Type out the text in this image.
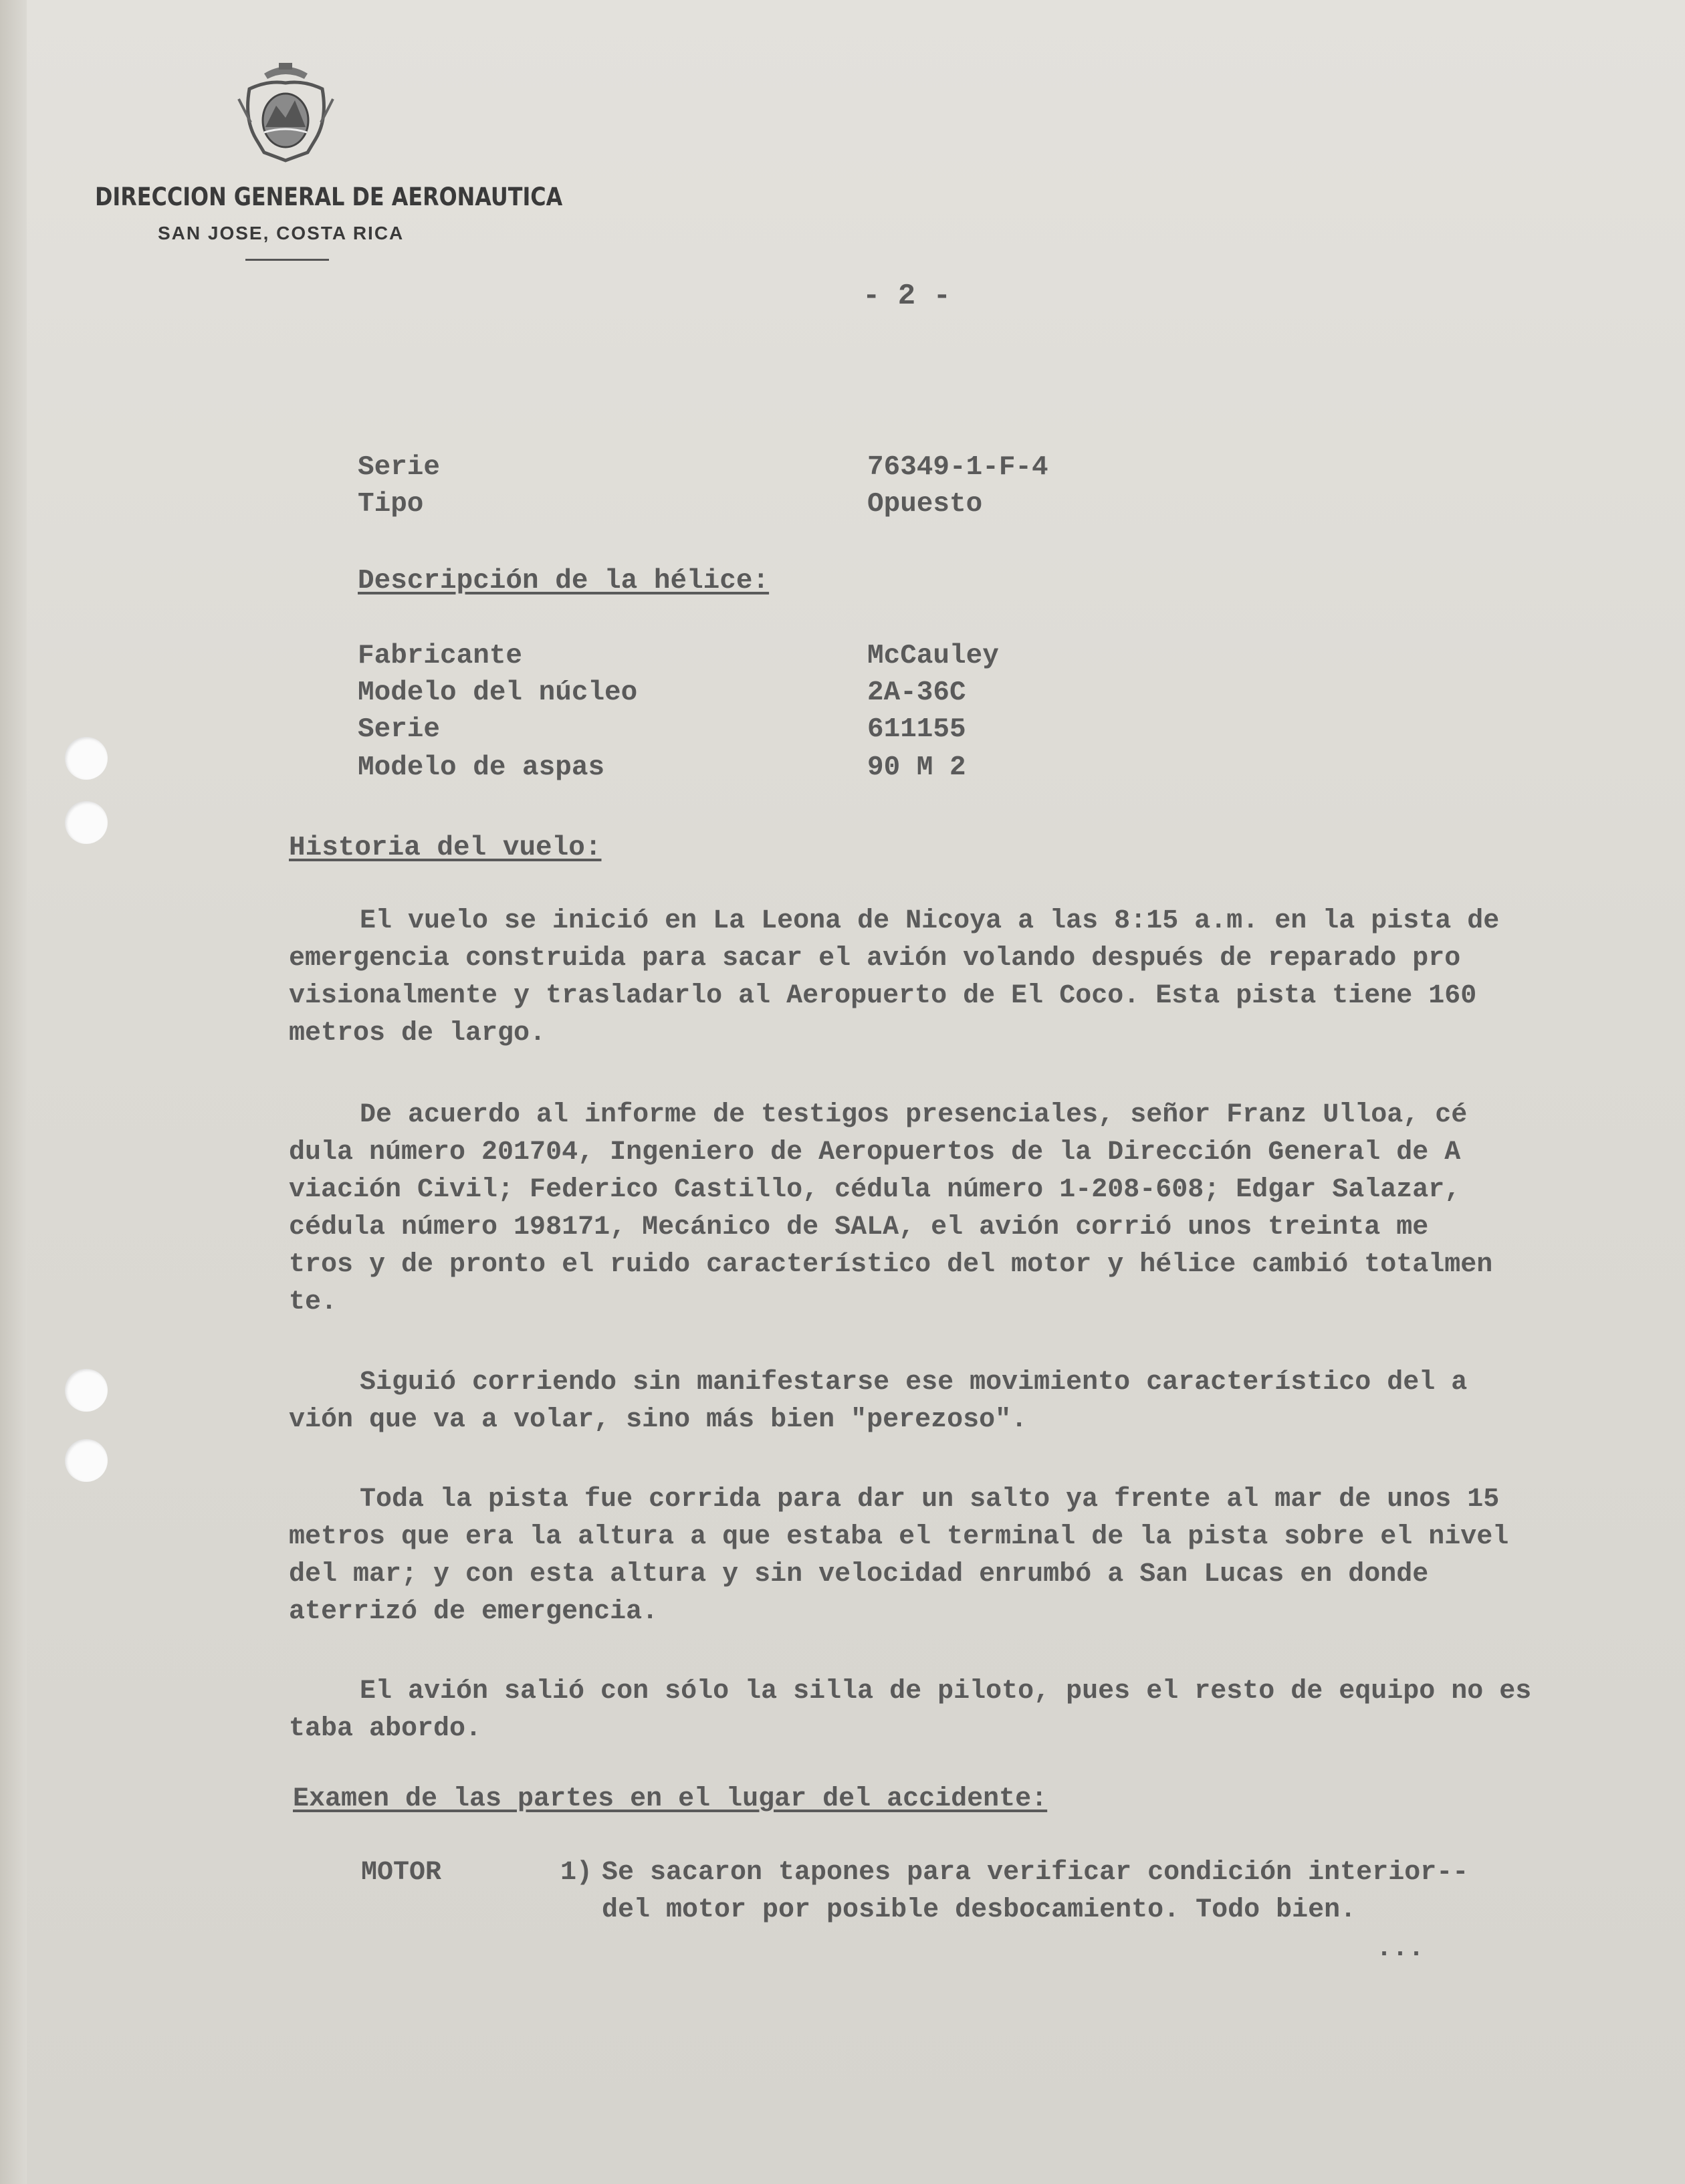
DIRECCION GENERAL DE AERONAUTICA
SAN JOSE, COSTA RICA
- 2 -
Serie	76349-1-F-4
Tipo	Opuesto
Descripción de la hélice:
Fabricante	McCauley
Modelo del núcleo	2A-36C
Serie	611155
Modelo de aspas	90 M 2
Historia del vuelo:
El vuelo se inició en La Leona de Nicoya a las 8:15 a.m. en la pista de
emergencia construida para sacar el avión volando después de reparado pro
visionalmente y trasladarlo al Aeropuerto de El Coco. Esta pista tiene 160
metros de largo.
De acuerdo al informe de testigos presenciales, señor Franz Ulloa, cé
dula número 201704, Ingeniero de Aeropuertos de la Dirección General de A
viación Civil; Federico Castillo, cédula número 1-208-608; Edgar Salazar,
cédula número 198171, Mecánico de SALA, el avión corrió unos treinta me
tros y de pronto el ruido característico del motor y hélice cambió totalmen
te.
Siguió corriendo sin manifestarse ese movimiento característico del a
vión que va a volar, sino más bien "perezoso".
Toda la pista fue corrida para dar un salto ya frente al mar de unos 15
metros que era la altura a que estaba el terminal de la pista sobre el nivel
del mar; y con esta altura y sin velocidad enrumbó a San Lucas en donde
aterrizó de emergencia.
El avión salió con sólo la silla de piloto, pues el resto de equipo no es
taba abordo.
Examen de las partes en el lugar del accidente:
MOTOR	1) Se sacaron tapones para verificar condición interior--
del motor por posible desbocamiento. Todo bien.
...
